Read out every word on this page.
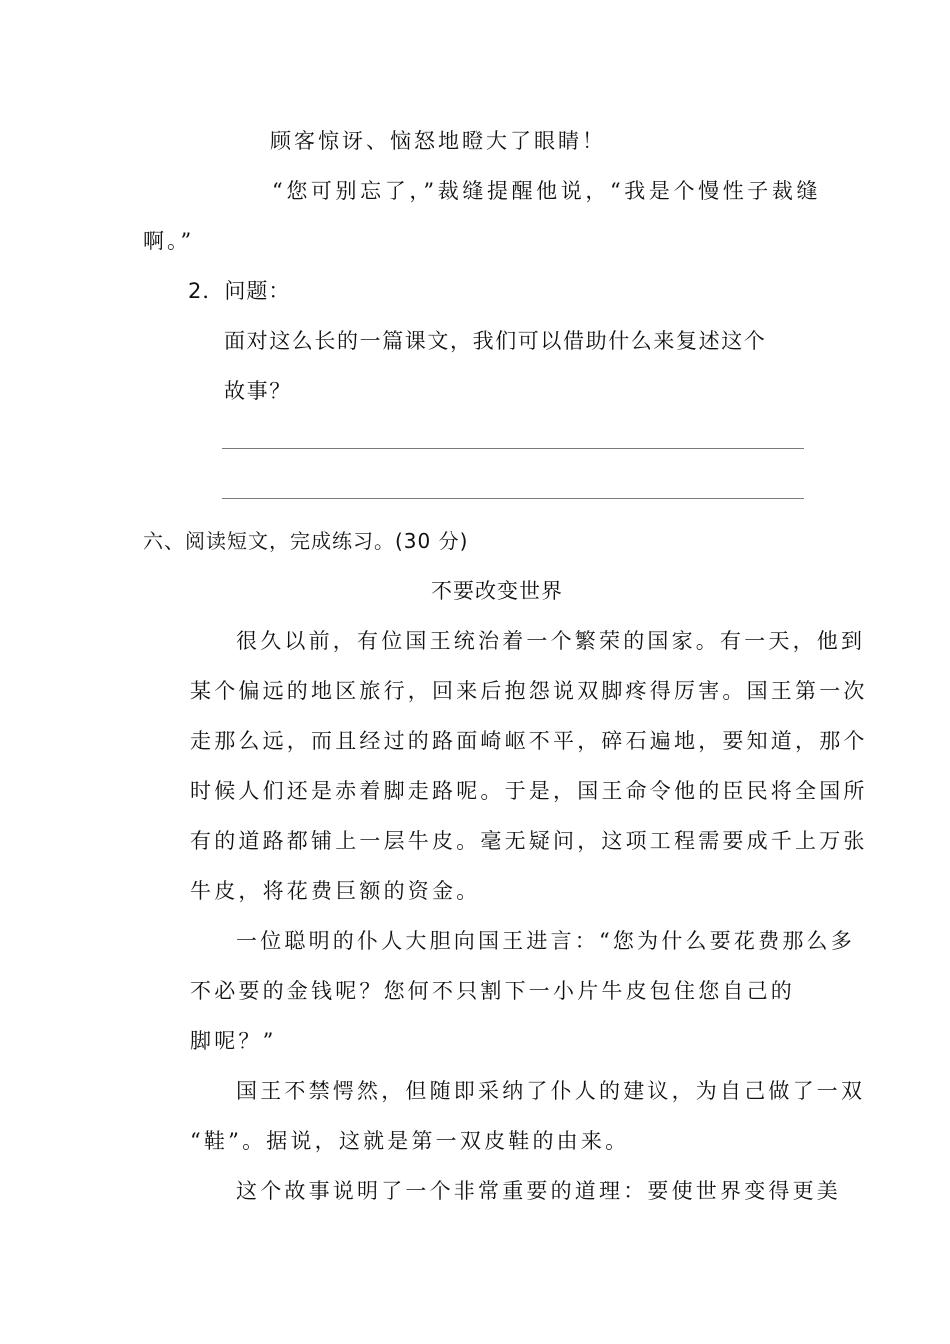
顾客惊讶、恼怒地瞪大了眼睛！
“您可别忘了，”裁缝提醒他说，“我是个慢性子裁缝
啊。”
2．问题：
面对这么长的一篇课文，我们可以借助什么来复述这个
故事？
六、阅读短文，完成练习。(30 分)
不要改变世界
很久以前，有位国王统治着一个繁荣的国家。有一天，他到
某个偏远的地区旅行，回来后抱怨说双脚疼得厉害。国王第一次
走那么远，而且经过的路面崎岖不平，碎石遍地，要知道，那个
时候人们还是赤着脚走路呢。于是，国王命令他的臣民将全国所
有的道路都铺上一层牛皮。毫无疑问，这项工程需要成千上万张
牛皮，将花费巨额的资金。
一位聪明的仆人大胆向国王进言：“您为什么要花费那么多
不必要的金钱呢？您何不只割下一小片牛皮包住您自己的
脚呢？”
国王不禁愕然，但随即采纳了仆人的建议，为自己做了一双
“鞋”。据说，这就是第一双皮鞋的由来。
这个故事说明了一个非常重要的道理：要使世界变得更美
